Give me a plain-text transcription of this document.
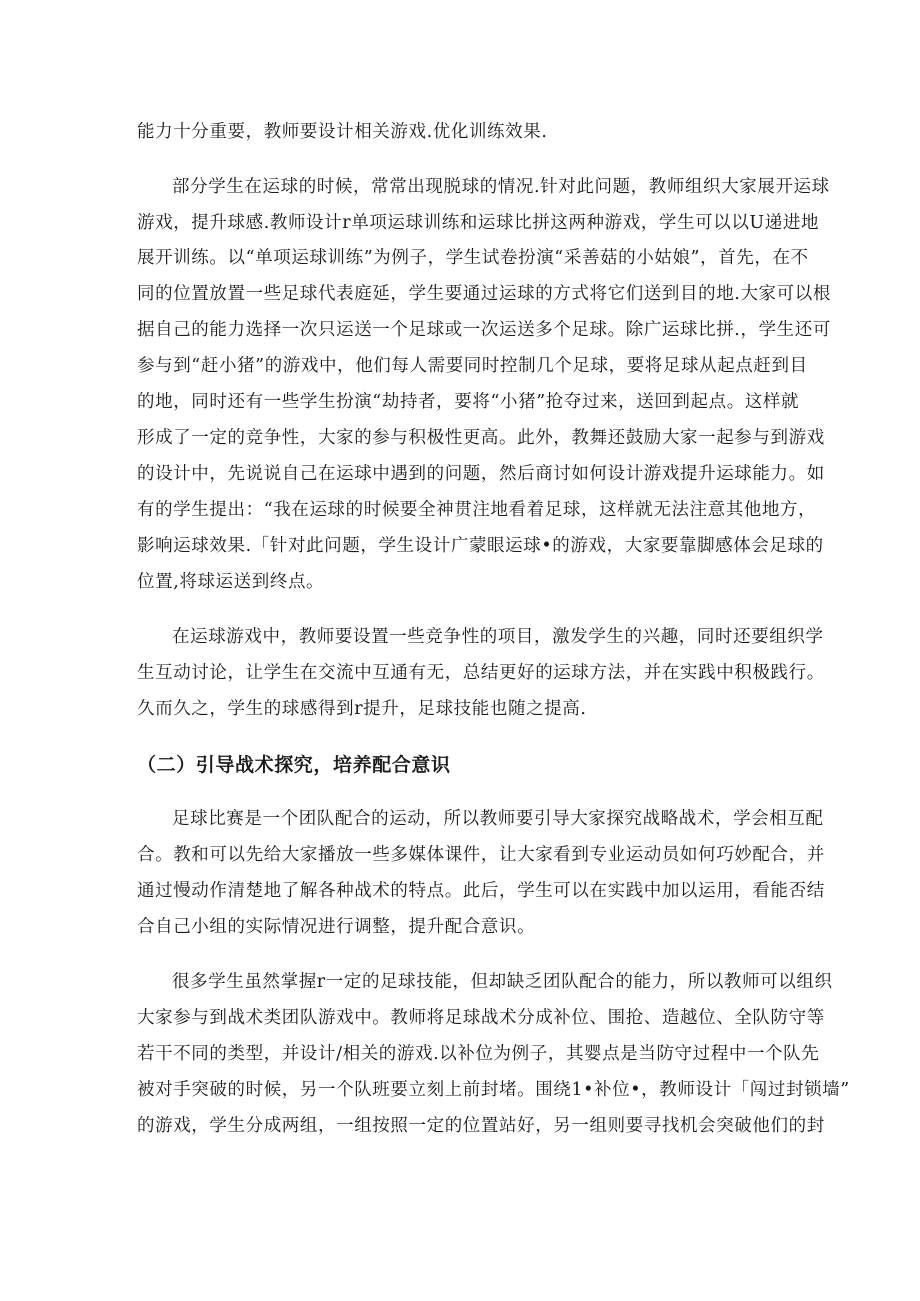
能力十分重要，教师要设计相关游戏.优化训练效果.
部分学生在运球的时候，常常出现脱球的情况.针对此问题，教师组织大家展开运球
游戏，提升球感.教师设计r单项运球训练和运球比拼这两种游戏，学生可以以U递进地
展开训练。以“单项运球训练”为例子，学生试卷扮演“采善菇的小姑娘”，首先，在不
同的位置放置一些足球代表庭延，学生要通过运球的方式将它们送到目的地.大家可以根
据自己的能力选择一次只运送一个足球或一次运送多个足球。除广运球比拼.，学生还可
参与到“赶小猪”的游戏中，他们每人需要同时控制几个足球，要将足球从起点赶到目
的地，同时还有一些学生扮演“劫持者，要将“小猪”抢夺过来，送回到起点。这样就
形成了一定的竞争性，大家的参与积极性更高。此外，教舞还鼓励大家一起参与到游戏
的设计中，先说说自己在运球中遇到的问题，然后商讨如何设计游戏提升运球能力。如
有的学生提出：“我在运球的时候要全神贯注地看着足球，这样就无法注意其他地方，
影响运球效果.「针对此问题，学生设计广蒙眼运球•的游戏，大家要靠脚感体会足球的
位置,将球运送到终点。
在运球游戏中，教师要设置一些竞争性的项目，激发学生的兴趣，同时还要组织学
生互动讨论，让学生在交流中互通有无，总结更好的运球方法，并在实践中积极践行。
久而久之，学生的球感得到r提升，足球技能也随之提高.
（二）引导战术探究，培养配合意识
足球比赛是一个团队配合的运动，所以教师要引导大家探究战略战术，学会相互配
合。教和可以先给大家播放一些多媒体课件，让大家看到专业运动员如何巧妙配合，并
通过慢动作清楚地了解各种战术的特点。此后，学生可以在实践中加以运用，看能否结
合自己小组的实际情况进行调整，提升配合意识。
很多学生虽然掌握r一定的足球技能，但却缺乏团队配合的能力，所以教师可以组织
大家参与到战术类团队游戏中。教师将足球战术分成补位、围抢、造越位、全队防守等
若干不同的类型，并设计/相关的游戏.以补位为例子，其婴点是当防守过程中一个队先
被对手突破的时候，另一个队班要立刻上前封堵。围绕1•补位•，教师设计「闯过封锁墙”
的游戏，学生分成两组，一组按照一定的位置站好，另一组则要寻找机会突破他们的封
